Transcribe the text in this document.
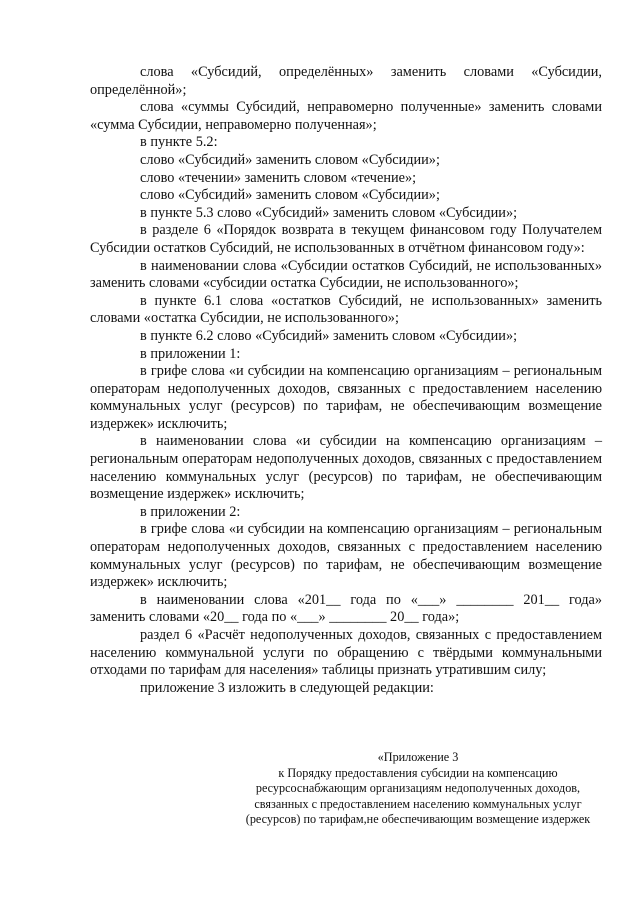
слова «Субсидий, определённых» заменить словами «Субсидии, определённой»;

слова «суммы Субсидий, неправомерно полученные» заменить словами «сумма Субсидии, неправомерно полученная»;

в пункте 5.2:

слово «Субсидий» заменить словом «Субсидии»;

слово «течении» заменить словом «течение»;

слово «Субсидий» заменить словом «Субсидии»;

в пункте 5.3 слово «Субсидий» заменить словом «Субсидии»;

в разделе 6 «Порядок возврата в текущем финансовом году Получателем Субсидии остатков Субсидий, не использованных в отчётном финансовом году»:

в наименовании слова «Субсидии остатков Субсидий, не использованных» заменить словами «субсидии остатка Субсидии, не использованного»;

в пункте 6.1 слова «остатков Субсидий, не использованных» заменить словами «остатка Субсидии, не использованного»;

в пункте 6.2 слово «Субсидий» заменить словом «Субсидии»;

в приложении 1:

в грифе слова «и субсидии на компенсацию организациям – региональным операторам недополученных доходов, связанных с предоставлением населению коммунальных услуг (ресурсов) по тарифам, не обеспечивающим возмещение издержек» исключить;

в наименовании слова «и субсидии на компенсацию организациям – региональным операторам недополученных доходов, связанных с предоставлением населению коммунальных услуг (ресурсов) по тарифам, не обеспечивающим возмещение издержек» исключить;

в приложении 2:

в грифе слова «и субсидии на компенсацию организациям – региональным операторам недополученных доходов, связанных с предоставлением населению коммунальных услуг (ресурсов) по тарифам, не обеспечивающим возмещение издержек» исключить;

в наименовании слова «201__ года по «___» ________ 201__ года» заменить словами «20__ года по «___» ________ 20__ года»;

раздел 6 «Расчёт недополученных доходов, связанных с предоставлением населению коммунальной услуги по обращению с твёрдыми коммунальными отходами по тарифам для населения» таблицы признать утратившим силу;

приложение 3 изложить в следующей редакции:

«Приложение 3

к Порядку предоставления субсидии на компенсацию ресурсоснабжающим организациям недополученных доходов, связанных с предоставлением населению коммунальных услуг (ресурсов) по тарифам,не обеспечивающим возмещение издержек
